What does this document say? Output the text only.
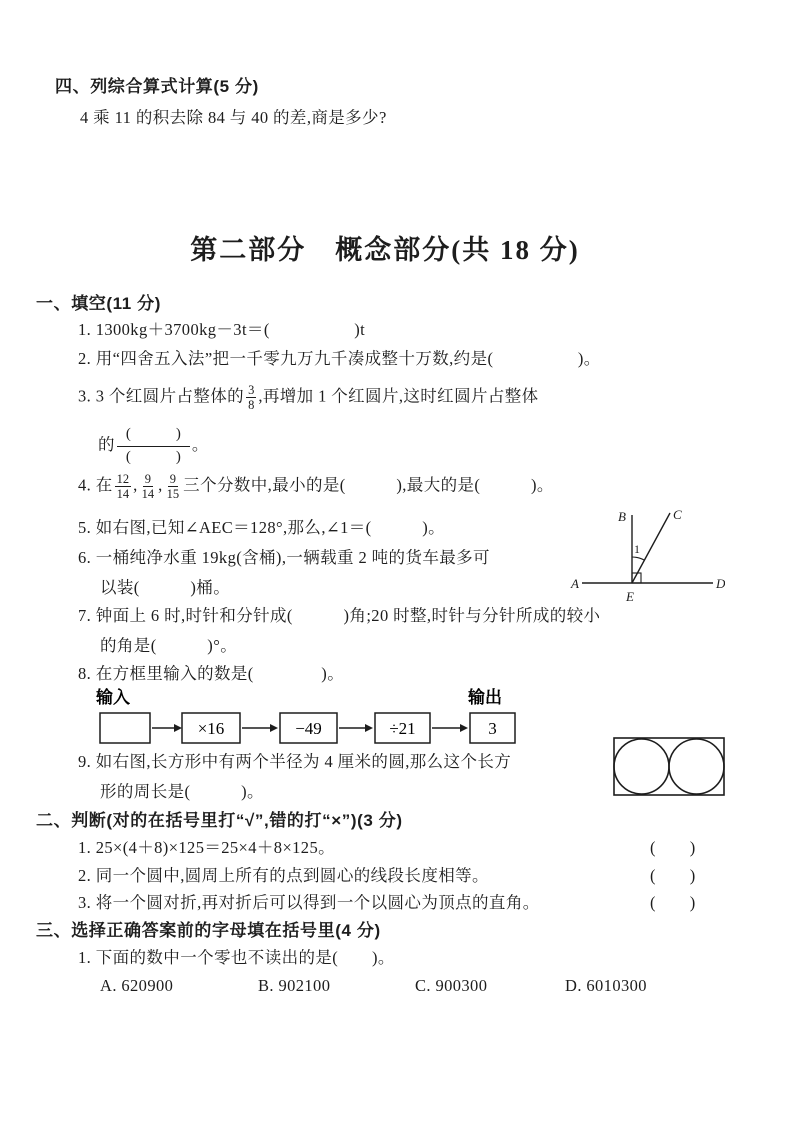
四、列综合算式计算(5 分)
4 乘 11 的积去除 84 与 40 的差,商是多少?
第二部分　概念部分(共 18 分)
一、填空(11 分)
1. 1300kg＋3700kg－3t＝(　　　　　)t
2. 用“四舍五入法”把一千零九万九千凑成整十万数,约是(　　　　　)。
3. 3 个红圆片占整体的 $\frac{3}{8}$ ,再增加 1 个红圆片,这时红圆片占整体
的
(　　　)
(　　　)
。
4. 在 $\frac{12}{14}$ , $\frac{9}{14}$ , $\frac{9}{15}$ 三个分数中,最小的是(　　　),最大的是(　　　)。
5. 如右图,已知∠AEC＝128°,那么,∠1＝(　　　)。
6. 一桶纯净水重 19kg(含桶),一辆载重 2 吨的货车最多可
以装(　　　)桶。
7. 钟面上 6 时,时针和分针成(　　　)角;20 时整,时针与分针所成的较小
的角是(　　　)°。
8. 在方框里输入的数是(　　　　)。
输入	输出
×16	−49	÷21	3
9. 如右图,长方形中有两个半径为 4 厘米的圆,那么这个长方
形的周长是(　　　)。
A
B	C
D
E
1
二、判断(对的在括号里打“√”,错的打“×”)(3 分)
1. 25×(4＋8)×125＝25×4＋8×125。	(　　)
2. 同一个圆中,圆周上所有的点到圆心的线段长度相等。	(　　)
3. 将一个圆对折,再对折后可以得到一个以圆心为顶点的直角。	(　　)
三、选择正确答案前的字母填在括号里(4 分)
1. 下面的数中一个零也不读出的是(　　)。
A. 620900	B. 902100	C. 900300	D. 6010300
